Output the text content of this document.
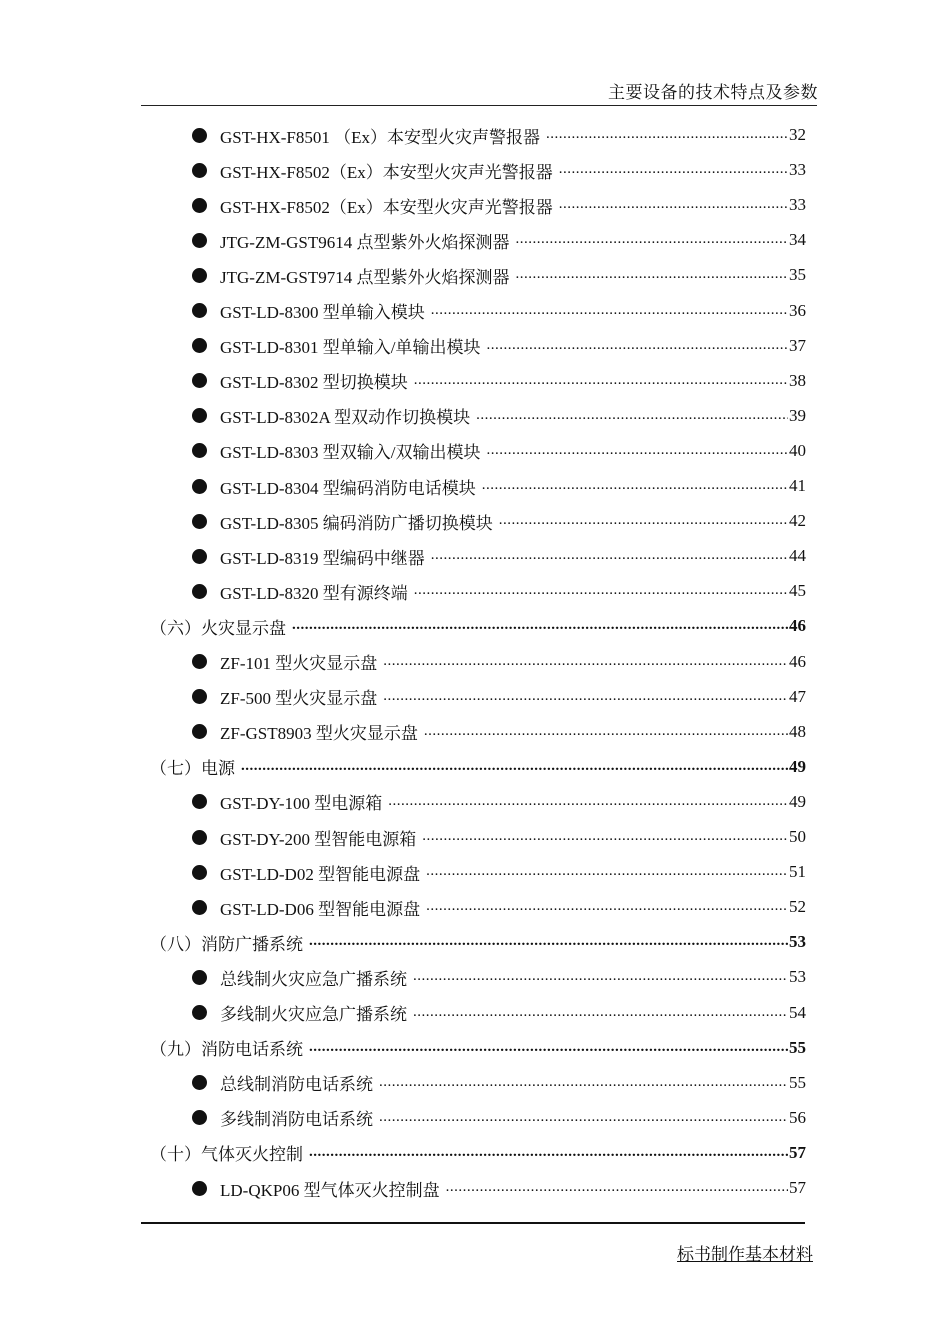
主要设备的技术特点及参数
GST-HX-F8501 （Ex）本安型火灾声警报器 .....	32
GST-HX-F8502（Ex）本安型火灾声光警报器 .....	33
GST-HX-F8502（Ex）本安型火灾声光警报器 .....	33
JTG-ZM-GST9614 点型紫外火焰探测器 .....	34
JTG-ZM-GST9714 点型紫外火焰探测器 .....	35
GST-LD-8300 型单输入模块 .....	36
GST-LD-8301 型单输入/单输出模块 .....	37
GST-LD-8302 型切换模块 .....	38
GST-LD-8302A 型双动作切换模块 .....	39
GST-LD-8303 型双输入/双输出模块 .....	40
GST-LD-8304 型编码消防电话模块 .....	41
GST-LD-8305 编码消防广播切换模块 .....	42
GST-LD-8319 型编码中继器 .....	44
GST-LD-8320 型有源终端 .....	45
（六）火灾显示盘 .....	46
ZF-101 型火灾显示盘 .....	46
ZF-500 型火灾显示盘 .....	47
ZF-GST8903 型火灾显示盘 .....	48
（七）电源 .....	49
GST-DY-100 型电源箱 .....	49
GST-DY-200 型智能电源箱 .....	50
GST-LD-D02 型智能电源盘 .....	51
GST-LD-D06 型智能电源盘 .....	52
（八）消防广播系统 .....	53
总线制火灾应急广播系统 .....	53
多线制火灾应急广播系统 .....	54
（九）消防电话系统 .....	55
总线制消防电话系统 .....	55
多线制消防电话系统 .....	56
（十）气体灭火控制 .....	57
LD-QKP06 型气体灭火控制盘 .....	57
标书制作基本材料
